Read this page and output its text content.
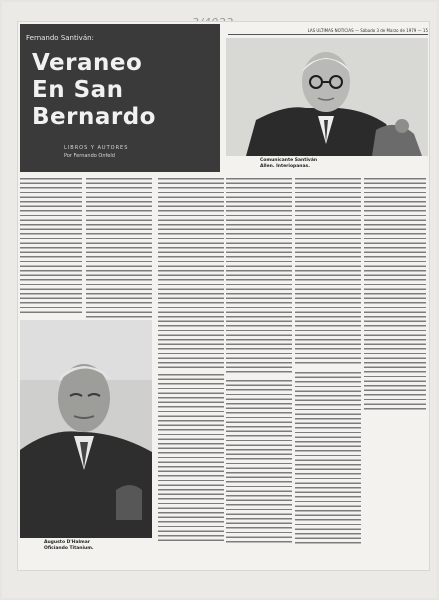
LAS ULTIMAS NOTICIAS — Sábado 3 de Marzo de 1979 — 15
Fernando Santiván:
Veraneo
En San
Bernardo
LIBROS Y AUTORES
Por Fernando Onfeld
Comunicante Santiván
Allen. Interiopanas.
Augusto D'Halmar
Oficiando Titanium.
